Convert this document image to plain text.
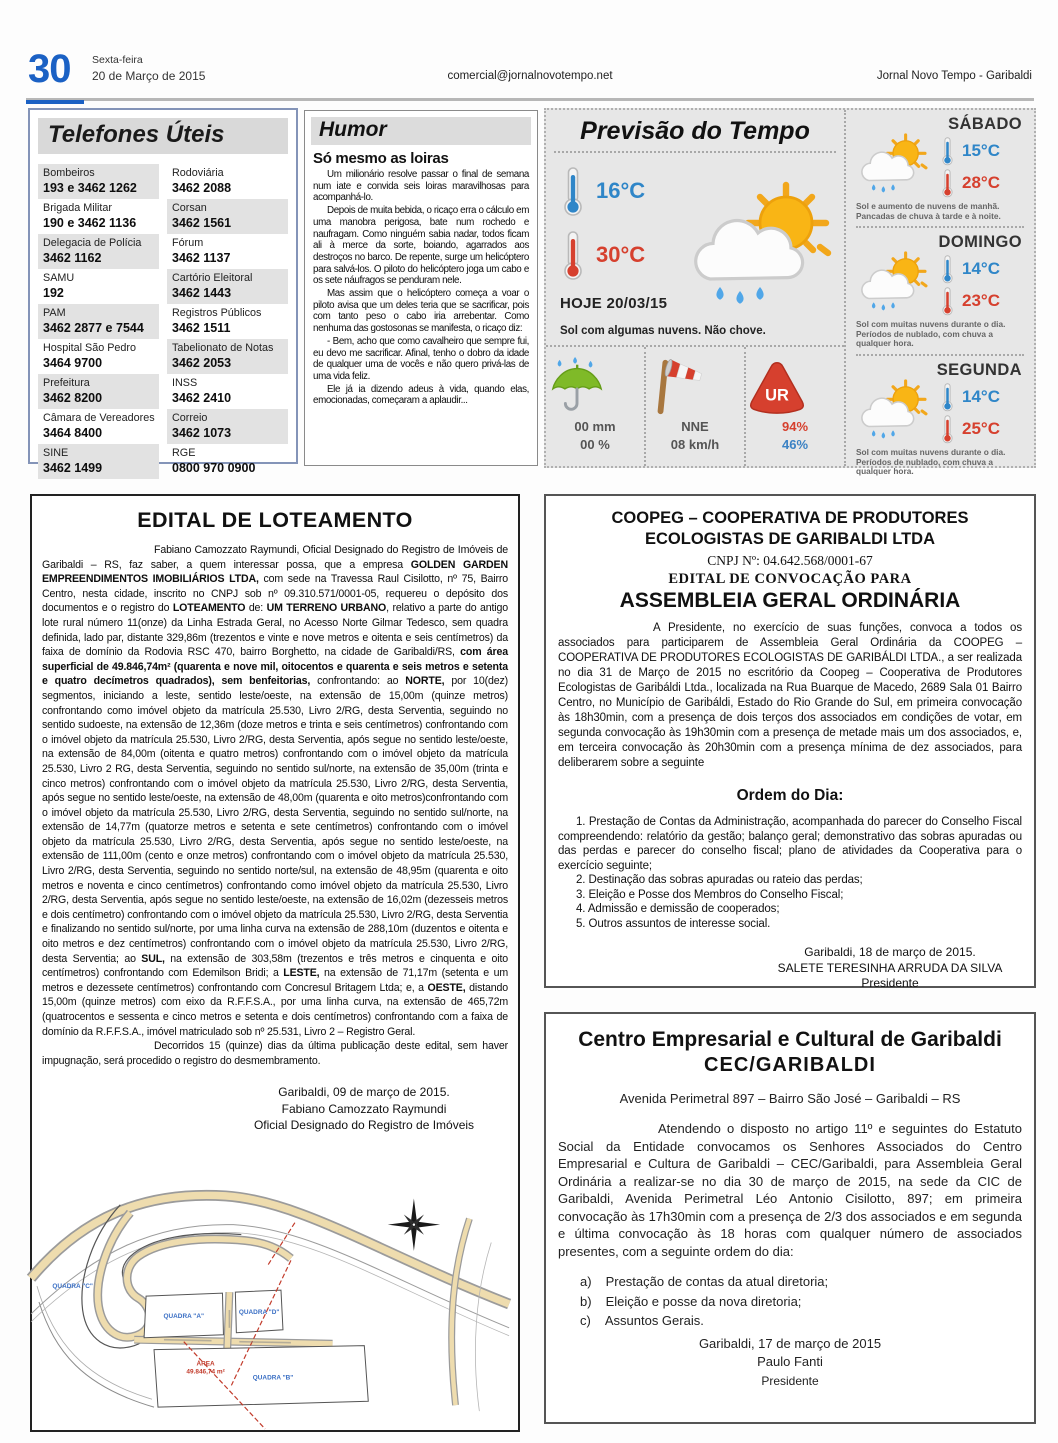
30 Sexta-feira
20 de Março de 2015	comercial@jornalnovotempo.net	Jornal Novo Tempo - Garibaldi
Telefones Úteis
Bombeiros
193 e 3462 1262
Brigada Militar
190 e 3462 1136
Delegacia de Polícia
3462 1162
SAMU
192
PAM
3462 2877 e 7544
Hospital São Pedro
3464 9700
Prefeitura
3462 8200
Câmara de Vereadores
3464 8400
SINE
3462 1499
Rodoviária
3462 2088
Corsan
3462 1561
Fórum
3462 1137
Cartório Eleitoral
3462 1443
Registros Públicos
3462 1511
Tabelionato de Notas
3462 2053
INSS
3462 2410
Correio
3462 1073
RGE
0800 970 0900
Humor
Só mesmo as loiras

Um milionário resolve passar o final de semana num iate e convida seis loiras maravilhosas para acompanhá-lo.

Depois de muita bebida, o ricaço erra o cálculo em uma manobra perigosa, bate num rochedo e naufragam. Como ninguém sabia nadar, todos ficam ali à merce da sorte, boiando, agarrados aos destroços no barco. De repente, surge um helicóptero para salvá-los. O piloto do helicóptero joga um cabo e os sete náufragos se penduram nele.

Mas assim que o helicóptero começa a voar o piloto avisa que um deles teria que se sacrificar, pois com tanto peso o cabo iria arrebentar. Como nenhuma das gostosonas se manifesta, o ricaço diz:

- Bem, acho que como cavalheiro que sempre fui, eu devo me sacrificar. Afinal, tenho o dobro da idade de qualquer uma de vocês e não quero privá-las de uma vida feliz.

Ele já ia dizendo adeus à vida, quando elas, emocionadas, começaram a aplaudir...

Previsão do Tempo
16°C
30°C
HOJE 20/03/15
Sol com algumas nuvens. Não chove.
00 mm
00 %
NNE
08 km/h
UR
94%
46%
SÁBADO
15°C
28°C
Sol e aumento de nuvens de manhã. Pancadas de chuva à tarde e à noite.
DOMINGO
14°C
23°C
Sol com muitas nuvens durante o dia. Períodos de nublado, com chuva a qualquer hora.
SEGUNDA
14°C
25°C
Sol com muitas nuvens durante o dia. Períodos de nublado, com chuva a qualquer hora.
EDITAL DE LOTEAMENTO

Fabiano Camozzato Raymundi, Oficial Designado do Registro de Imóveis de Garibaldi – RS, faz saber, a quem interessar possa, que a empresa GOLDEN GARDEN EMPREENDIMENTOS IMOBILIÁRIOS LTDA, com sede na Travessa Raul Cisilotto, nº 75, Bairro Centro, nesta cidade, inscrito no CNPJ sob nº 09.310.571/0001-05, requereu o depósito dos documentos e o registro do LOTEAMENTO de: UM TERRENO URBANO, relativo a parte do antigo lote rural número 11(onze) da Linha Estrada Geral, no Acesso Norte Gilmar Tedesco, sem quadra definida, lado par, distante 329,86m (trezentos e vinte e nove metros e oitenta e seis centímetros) da faixa de domínio da Rodovia RSC 470, bairro Borghetto, na cidade de Garibaldi/RS, com área superficial de 49.846,74m² (quarenta e nove mil, oitocentos e quarenta e seis metros e setenta e quatro decímetros quadrados), sem benfeitorias, confrontando: ao NORTE, por 10(dez) segmentos, iniciando a leste, sentido leste/oeste, na extensão de 15,00m (quinze metros) confrontando como imóvel objeto da matrícula 25.530, Livro 2/RG, desta Serventia, seguindo no sentido sudoeste, na extensão de 12,36m (doze metros e trinta e seis centímetros) confrontando com o imóvel objeto da matrícula 25.530, Livro 2/RG, desta Serventia, após segue no sentido leste/oeste, na extensão de 84,00m (oitenta e quatro metros) confrontando com o imóvel objeto da matrícula 25.530, Livro 2 RG, desta Serventia, seguindo no sentido sul/norte, na extensão de 35,00m (trinta e cinco metros) confrontando com o imóvel objeto da matrícula 25.530, Livro 2/RG, desta Serventia, após segue no sentido leste/oeste, na extensão de 48,00m (quarenta e oito metros)confrontando com o imóvel objeto da matrícula 25.530, Livro 2/RG, desta Serventia, seguindo no sentido sul/norte, na extensão de 14,77m (quatorze metros e setenta e sete centímetros) confrontando com o imóvel objeto da matrícula 25.530, Livro 2/RG, desta Serventia, após segue no sentido leste/oeste, na extensão de 111,00m (cento e onze metros) confrontando com o imóvel objeto da matrícula 25.530, Livro 2/RG, desta Serventia, seguindo no sentido norte/sul, na extensão de 48,95m (quarenta e oito metros e noventa e cinco centímetros) confrontando como imóvel objeto da matrícula 25.530, Livro 2/RG, desta Serventia, após segue no sentido leste/oeste, na extensão de 16,02m (dezesseis metros e dois centímetro) confrontando com o imóvel objeto da matrícula 25.530, Livro 2/RG, desta Serventia e finalizando no sentido sul/norte, por uma linha curva na extensão de 288,10m (duzentos e oitenta e oito metros e dez centímetros) confrontando com o imóvel objeto da matrícula 25.530, Livro 2/RG, desta Serventia; ao SUL, na extensão de 303,58m (trezentos e três metros e cinquenta e oito centímetros) confrontando com Edemilson Bridi; a LESTE, na extensão de 71,17m (setenta e um metros e dezessete centímetros) confrontando com Concresul Britagem Ltda; e, a OESTE, distando 15,00m (quinze metros) com eixo da R.F.F.S.A., por uma linha curva, na extensão de 465,72m (quatrocentos e sessenta e cinco metros e setenta e dois centímetros) confrontando com a faixa de domínio da R.F.F.S.A., imóvel matriculado sob nº 25.531, Livro 2 – Registro Geral.

Decorridos 15 (quinze) dias da última publicação deste edital, sem haver impugnação, será procedido o registro do desmembramento.

Garibaldi, 09 de março de 2015.
Fabiano Camozzato Raymundi
Oficial Designado do Registro de Imóveis
QUADRA "A"
QUADRA "D"
QUADRA "B"
QUADRA "C"
ÁREA
49.846,74 m²
COOPEG – COOPERATIVA DE PRODUTORES
ECOLOGISTAS DE GARIBALDI LTDA
CNPJ Nº: 04.642.568/0001-67
EDITAL DE CONVOCAÇÃO PARA
ASSEMBLEIA GERAL ORDINÁRIA
A Presidente, no exercício de suas funções, convoca a todos os associados para participarem de Assembleia Geral Ordinária da COOPEG – COOPERATIVA DE PRODUTORES ECOLOGISTAS DE GARIBÁLDI LTDA., a ser realizada no dia 31 de Março de 2015 no escritório da Coopeg – Cooperativa de Produtores Ecologistas de Garibáldi Ltda., localizada na Rua Buarque de Macedo, 2689 Sala 01 Bairro Centro, no Município de Garibáldi, Estado do Rio Grande do Sul, em primeira convocação às 18h30min, com a presença de dois terços dos associados em condições de votar, em segunda convocação às 19h30min com a presença de metade mais um dos associados, e, em terceira convocação às 20h30min com a presença mínima de dez associados, para deliberarem sobre a seguinte
Ordem do Dia:

1. Prestação de Contas da Administração, acompanhada do parecer do Conselho Fiscal compreendendo: relatório da gestão; balanço geral; demonstrativo das sobras apuradas ou das perdas e parecer do conselho fiscal; plano de atividades da Cooperativa para o exercício seguinte;

2. Destinação das sobras apuradas ou rateio das perdas;

3. Eleição e Posse dos Membros do Conselho Fiscal;

4. Admissão e demissão de cooperados;

5. Outros assuntos de interesse social.

Garibaldi, 18 de março de 2015.
SALETE TERESINHA ARRUDA DA SILVA
Presidente
Centro Empresarial e Cultural de Garibaldi
CEC/GARIBALDI
Avenida Perimetral 897 – Bairro São José – Garibaldi – RS
Atendendo o disposto no artigo 11º e seguintes do Estatuto Social da Entidade convocamos os Senhores Associados do Centro Empresarial e Cultura de Garibaldi – CEC/Garibaldi, para Assembleia Geral Ordinária a realizar-se no dia 30 de março de 2015, na sede da CIC de Garibaldi, Avenida Perimetral Léo Antonio Cisilotto, 897; em primeira convocação às 17h30min com a presença de 2/3 dos associados e em segunda e última convocação às 18 horas com qualquer número de associados presentes, com a seguinte ordem do dia:
a) Prestação de contas da atual diretoria;
b) Eleição e posse da nova diretoria;
c) Assuntos Gerais.
Garibaldi, 17 de março de 2015
Paulo Fanti
Presidente
